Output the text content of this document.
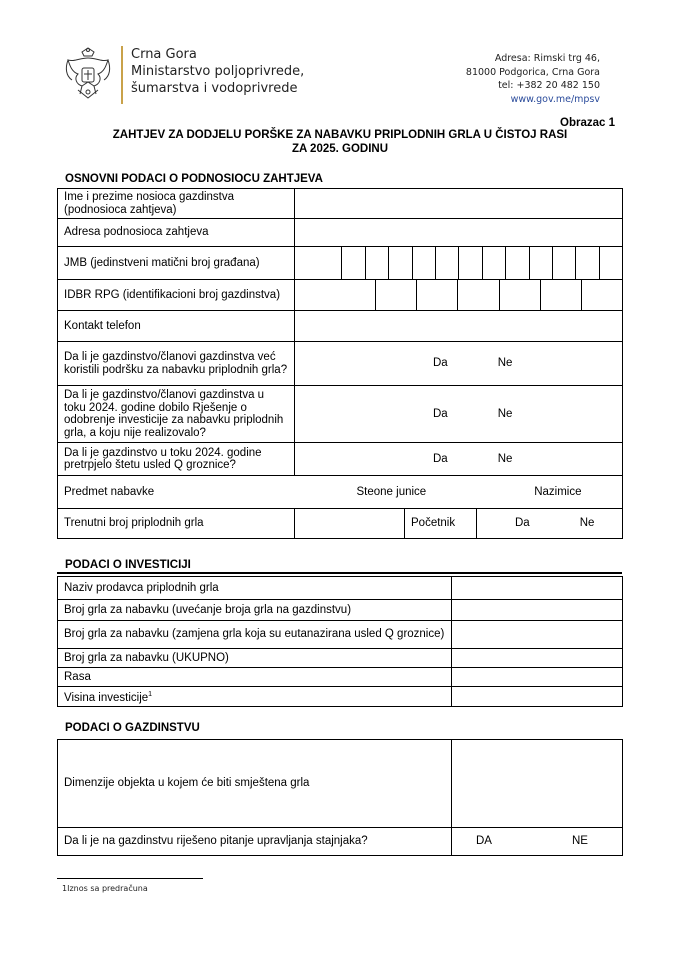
Crna Gora
Ministarstvo poljoprivrede,
šumarstva i vodoprivrede
Adresa: Rimski trg 46,
81000 Podgorica, Crna Gora
tel: +382 20 482 150
www.gov.me/mpsv
Obrazac 1
ZAHTJEV ZA DODJELU PORŠKE ZA NABAVKU PRIPLODNIH GRLA U ČISTOJ RASI
ZA 2025. GODINU
OSNOVNI PODACI O PODNOSIOCU ZAHTJEVA
Ime i prezime nosioca gazdinstva (podnosioca zahtjeva)			
Adresa podnosioca zahtjeva			
JMB (jedinstveni matični broj građana)			

IDBR RPG (identifikacioni broj gazdinstva)			

Kontakt telefon			
Da li je gazdinstvo/članovi gazdinstva već koristili podršku za nabavku priplodnih grla?	Da Ne		
Da li je gazdinstvo/članovi gazdinstva u toku 2024. godine dobilo Rješenje o odobrenje investicije za nabavku priplodnih grla, a koju nije realizovalo?	Da Ne		
Da li je gazdinstvo u toku 2024. godine pretrpjelo štetu usled Q groznice?	Da Ne		
Predmet nabavke	Steone junice Nazimice		
Trenutni broj priplodnih grla		Početnik	Da Ne
PODACI O INVESTICIJI
Naziv prodavca priplodnih grla	
Broj grla za nabavku (uvećanje broja grla na gazdinstvu)	
Broj grla za nabavku (zamjena grla koja su eutanazirana usled Q groznice)	
Broj grla za nabavku (UKUPNO)	
Rasa	
Visina investicije$^1$	
PODACI O GAZDINSTVU
Dimenzije objekta u kojem će biti smještena grla	
Da li je na gazdinstvu riješeno pitanje upravljanja stajnjaka?	DA NE
1Iznos sa predračuna
